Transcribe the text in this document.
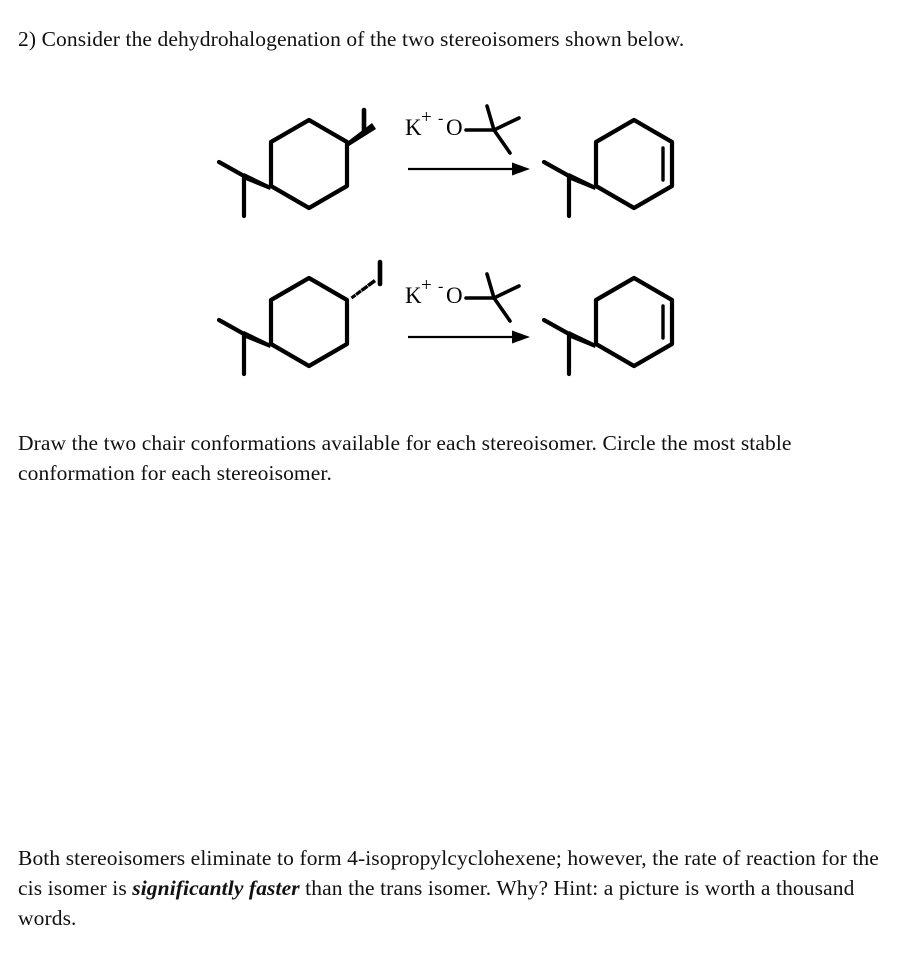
2) Consider the dehydrohalogenation of the two stereoisomers shown below.
K + - O
K + - O
Draw the two chair conformations available for each stereoisomer. Circle the most stable conformation for each stereoisomer.
Both stereoisomers eliminate to form 4-isopropylcyclohexene; however, the rate of reaction for the cis isomer is significantly faster than the trans isomer. Why? Hint: a picture is worth a thousand words.
